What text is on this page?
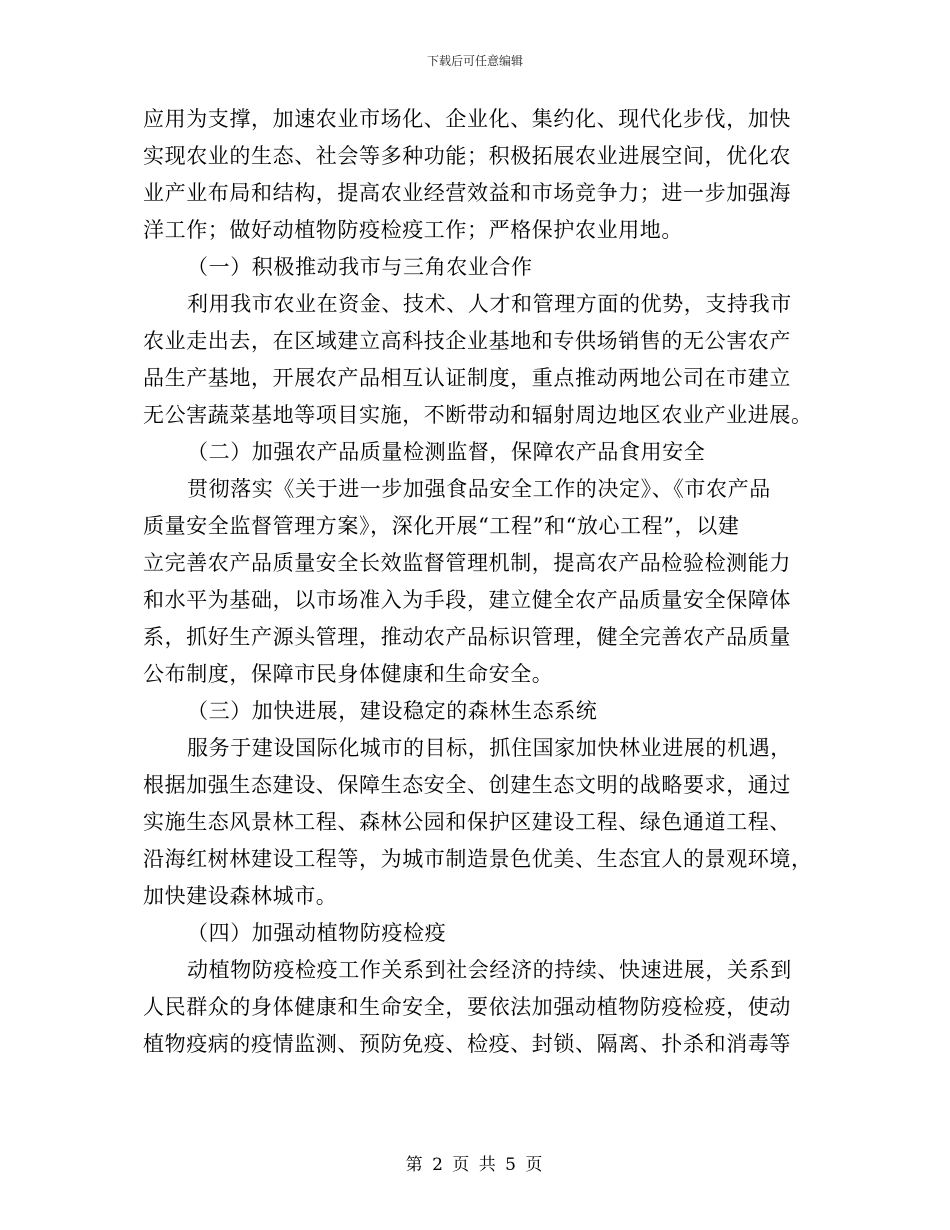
下载后可任意编辑

应用为支撑，加速农业市场化、企业化、集约化、现代化步伐，加快
实现农业的生态、社会等多种功能；积极拓展农业进展空间，优化农
业产业布局和结构，提高农业经营效益和市场竞争力；进一步加强海
洋工作；做好动植物防疫检疫工作；严格保护农业用地。

（一）积极推动我市与三角农业合作

利用我市农业在资金、技术、人才和管理方面的优势，支持我市
农业走出去，在区域建立高科技企业基地和专供场销售的无公害农产
品生产基地，开展农产品相互认证制度，重点推动两地公司在市建立
无公害蔬菜基地等项目实施，不断带动和辐射周边地区农业产业进展。

（二）加强农产品质量检测监督，保障农产品食用安全

贯彻落实《关于进一步加强食品安全工作的决定》、《市农产品
质量安全监督管理方案》，深化开展“工程”和“放心工程”，以建
立完善农产品质量安全长效监督管理机制，提高农产品检验检测能力
和水平为基础，以市场准入为手段，建立健全农产品质量安全保障体
系，抓好生产源头管理，推动农产品标识管理，健全完善农产品质量
公布制度，保障市民身体健康和生命安全。

（三）加快进展，建设稳定的森林生态系统

服务于建设国际化城市的目标，抓住国家加快林业进展的机遇，
根据加强生态建设、保障生态安全、创建生态文明的战略要求，通过
实施生态风景林工程、森林公园和保护区建设工程、绿色通道工程、
沿海红树林建设工程等，为城市制造景色优美、生态宜人的景观环境，
加快建设森林城市。

（四）加强动植物防疫检疫

动植物防疫检疫工作关系到社会经济的持续、快速进展，关系到
人民群众的身体健康和生命安全，要依法加强动植物防疫检疫，使动
植物疫病的疫情监测、预防免疫、检疫、封锁、隔离、扑杀和消毒等

第 2 页 共 5 页
